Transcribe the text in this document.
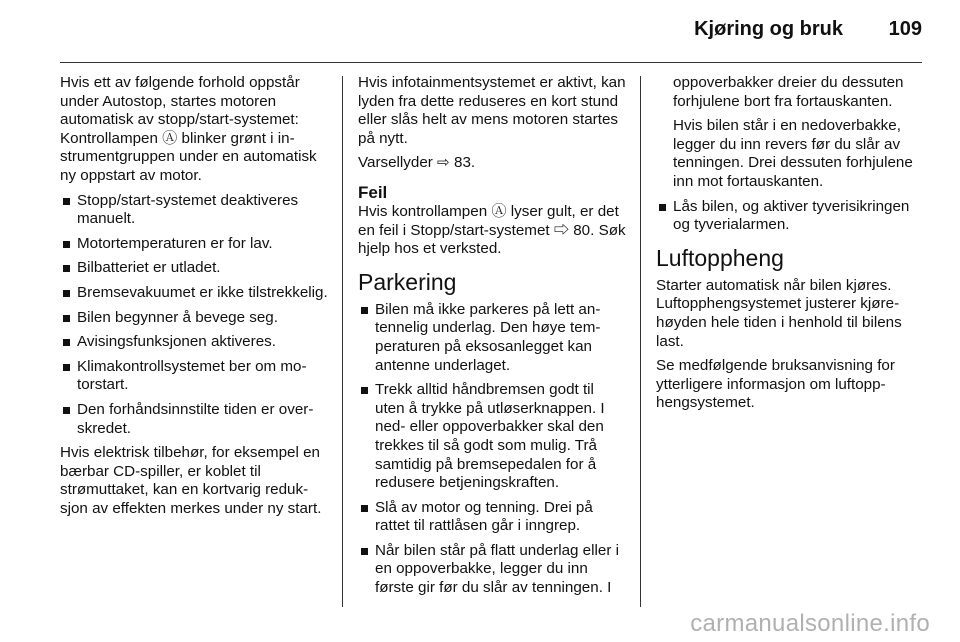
Kjøring og bruk 109

Hvis ett av følgende forhold oppstår under Autostop, startes motoren automatisk av stopp/start-systemet: Kontrollampen Ⓐ blinker grønt i instrumentgruppen under en automatisk ny oppstart av motor.

Stopp/start-systemet deaktiveres manuelt.
Motortemperaturen er for lav.
Bilbatteriet er utladet.
Bremsevakuumet er ikke tilstrekkelig.
Bilen begynner å bevege seg.
Avisingsfunksjonen aktiveres.
Klimakontrollsystemet ber om motorstart.
Den forhåndsinnstilte tiden er overskredet.

Hvis elektrisk tilbehør, for eksempel en bærbar CD-spiller, er koblet til strømuttaket, kan en kortvarig reduksjon av effekten merkes under ny start.

Hvis infotainmentsystemet er aktivt, kan lyden fra dette reduseres en kort stund eller slås helt av mens motoren startes på nytt.

Varsellyder ⇨ 83.

Feil

Hvis kontrollampen Ⓐ lyser gult, er det en feil i Stopp/start-systemet ⇨ 80. Søk hjelp hos et verksted.

Parkering
Bilen må ikke parkeres på lett antennelig underlag. Den høye temperaturen på eksosanlegget kan antenne underlaget.
Trekk alltid håndbremsen godt til uten å trykke på utløserknappen. I ned- eller oppoverbakker skal den trekkes til så godt som mulig. Trå samtidig på bremsepedalen for å redusere betjeningskraften.
Slå av motor og tenning. Drei på rattet til rattlåsen går i inngrep.
Når bilen står på flatt underlag eller i en oppoverbakke, legger du inn første gir før du slår av tenningen. I

oppoverbakker dreier du dessuten forhjulene bort fra fortauskanten.

Hvis bilen står i en nedoverbakke, legger du inn revers før du slår av tenningen. Drei dessuten forhjulene inn mot fortauskanten.

Lås bilen, og aktiver tyverisikringen og tyverialarmen.
Luftoppheng

Starter automatisk når bilen kjøres. Luftopphengsystemet justerer kjørehøyden hele tiden i henhold til bilens last.

Se medfølgende bruksanvisning for ytterligere informasjon om luftopphengsystemet.

carmanualsonline.info
